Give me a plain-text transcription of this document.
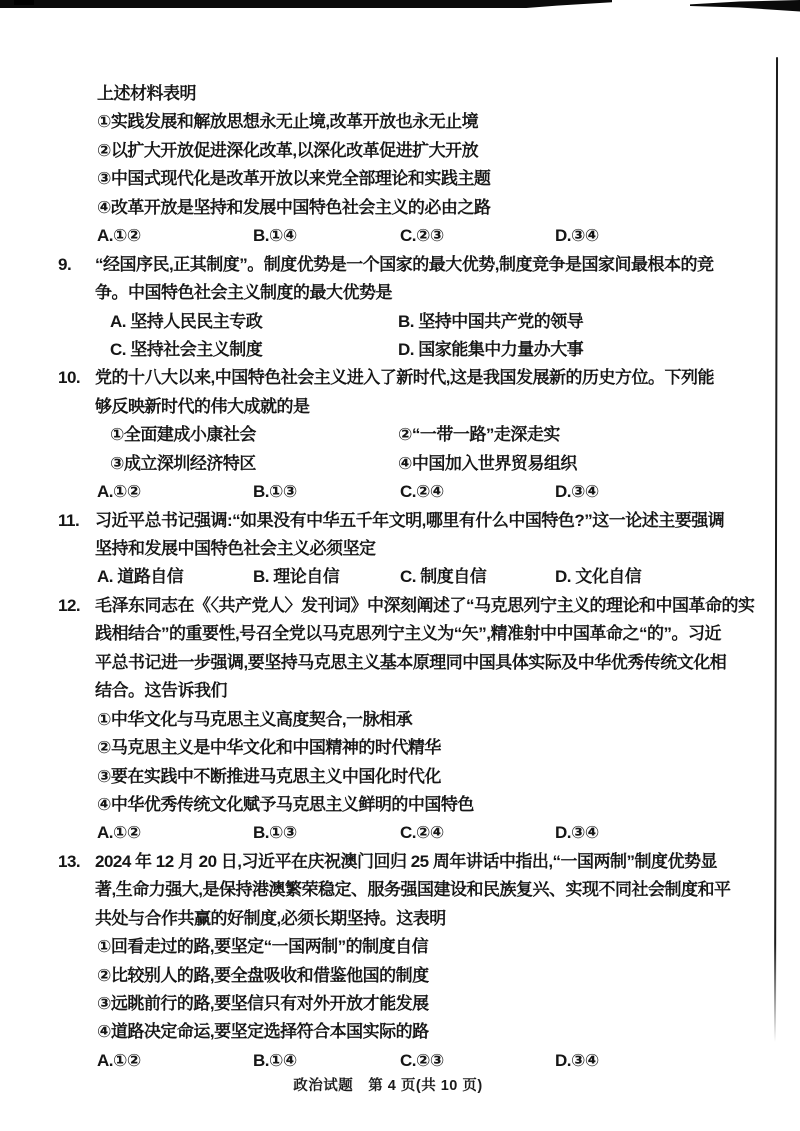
上述材料表明
①实践发展和解放思想永无止境,改革开放也永无止境
②以扩大开放促进深化改革,以深化改革促进扩大开放
③中国式现代化是改革开放以来党全部理论和实践主题
④改革开放是坚持和发展中国特色社会主义的必由之路
A.①②	B.①④	C.②③	D.③④
9. “经国序民,正其制度”。制度优势是一个国家的最大优势,制度竞争是国家间最根本的竞
争。中国特色社会主义制度的最大优势是
A. 坚持人民民主专政	B. 坚持中国共产党的领导
C. 坚持社会主义制度	D. 国家能集中力量办大事
10. 党的十八大以来,中国特色社会主义进入了新时代,这是我国发展新的历史方位。下列能
够反映新时代的伟大成就的是
①全面建成小康社会	②“一带一路”走深走实
③成立深圳经济特区	④中国加入世界贸易组织
A.①②	B.①③	C.②④	D.③④
11. 习近平总书记强调:“如果没有中华五千年文明,哪里有什么中国特色?”这一论述主要强调
坚持和发展中国特色社会主义必须坚定
A. 道路自信	B. 理论自信	C. 制度自信	D. 文化自信
12. 毛泽东同志在《〈共产党人〉发刊词》中深刻阐述了“马克思列宁主义的理论和中国革命的实
践相结合”的重要性,号召全党以马克思列宁主义为“矢”,精准射中中国革命之“的”。习近
平总书记进一步强调,要坚持马克思主义基本原理同中国具体实际及中华优秀传统文化相
结合。这告诉我们
①中华文化与马克思主义高度契合,一脉相承
②马克思主义是中华文化和中国精神的时代精华
③要在实践中不断推进马克思主义中国化时代化
④中华优秀传统文化赋予马克思主义鲜明的中国特色
A.①②	B.①③	C.②④	D.③④
13. 2024 年 12 月 20 日,习近平在庆祝澳门回归 25 周年讲话中指出,“一国两制”制度优势显
著,生命力强大,是保持港澳繁荣稳定、服务强国建设和民族复兴、实现不同社会制度和平
共处与合作共赢的好制度,必须长期坚持。这表明
①回看走过的路,要坚定“一国两制”的制度自信
②比较别人的路,要全盘吸收和借鉴他国的制度
③远眺前行的路,要坚信只有对外开放才能发展
④道路决定命运,要坚定选择符合本国实际的路
A.①②	B.①④	C.②③	D.③④
政治试题　第 4 页(共 10 页)
